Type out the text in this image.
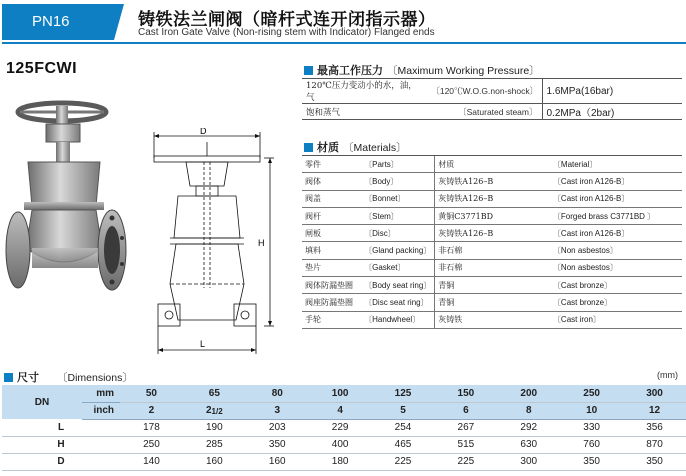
PN16	铸铁法兰闸阀（暗杆式连开闭指示器）
Cast Iron Gate Valve (Non-rising stem with Indicator) Flanged ends
125FCWI
D
H
L
最高工作压力 〔Maximum Working Pressure〕
120℃压力变动小的水，油，气	〔120℃W.O.G.non-shock〕	1.6MPa(16bar)
饱和蒸气	〔Saturated steam〕	0.2MPa（2bar)
材质 〔Materials〕
零件	〔Parts〕	材质	〔Material〕
阀体	〔Body〕	灰铸铁A126–B	〔Cast iron A126-B〕
阀盖	〔Bonnet〕	灰铸铁A126–B	〔Cast iron A126-B〕
阀杆	〔Stem〕	黄铜C3771BD	〔Forged brass C3771BD 〕
闸板	〔Disc〕	灰铸铁A126–B	〔Cast iron A126-B〕
填料	〔Gland packing〕	非石棉	〔Non asbestos〕
垫片	〔Gasket〕	非石棉	〔Non asbestos〕
阀体防漏垫圈	〔Body seat ring〕	青铜	〔Cast bronze〕
阀座防漏垫圈	〔Disc seat ring〕	青铜	〔Cast bronze〕
手轮	〔Handwheel〕	灰铸铁	〔Cast iron〕
尺寸 〔Dimensions〕	(mm)
DN	mm	50	65	80	100	125	150	200	250	300
	inch	2	21/2	3	4	5	6	8	10	12
L		178	190	203	229	254	267	292	330	356
H		250	285	350	400	465	515	630	760	870
D		140	160	160	180	225	225	300	350	350
